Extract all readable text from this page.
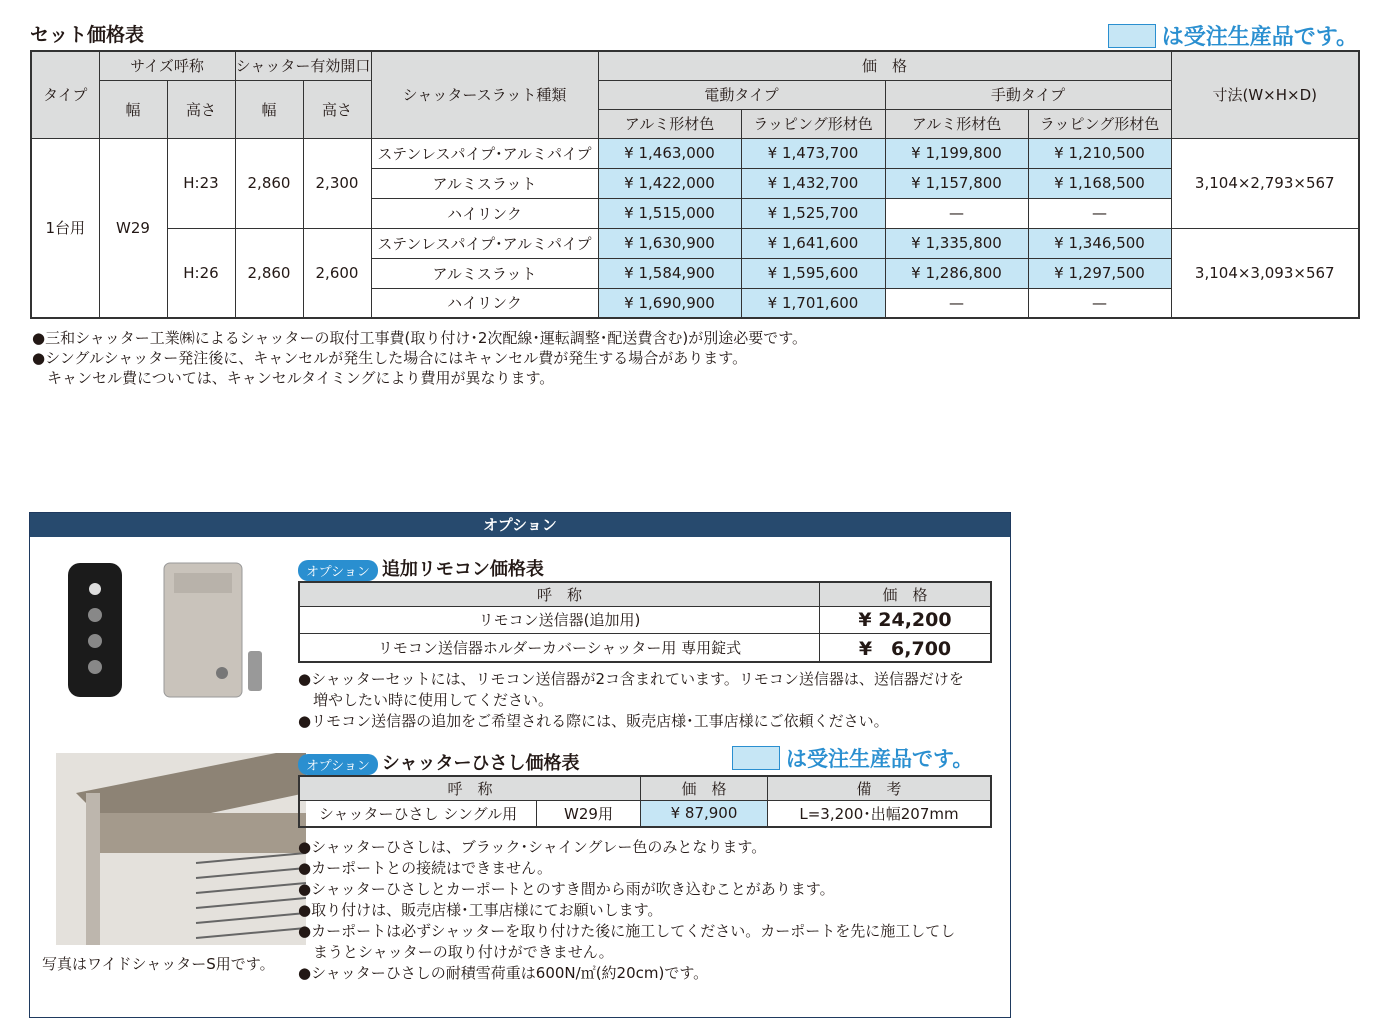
セット価格表	は受注生産品です。
タイプ	サイズ呼称		シャッター有効開口		シャッタースラット種類	価　格				寸法(W×H×D)
	幅	高さ	幅	高さ		電動タイプ		手動タイプ		
						アルミ形材色	ラッピング形材色	アルミ形材色	ラッピング形材色	
1台用	W29	H:23	2,860	2,300	ステンレスパイプ･アルミパイプ	¥ 1,463,000	¥ 1,473,700	¥ 1,199,800	¥ 1,210,500	3,104×2,793×567
					アルミスラット	¥ 1,422,000	¥ 1,432,700	¥ 1,157,800	¥ 1,168,500	
					ハイリンク	¥ 1,515,000	¥ 1,525,700	—	—	
		H:26	2,860	2,600	ステンレスパイプ･アルミパイプ	¥ 1,630,900	¥ 1,641,600	¥ 1,335,800	¥ 1,346,500	3,104×3,093×567
					アルミスラット	¥ 1,584,900	¥ 1,595,600	¥ 1,286,800	¥ 1,297,500	
					ハイリンク	¥ 1,690,900	¥ 1,701,600	—	—	
●三和シャッター工業㈱によるシャッターの取付工事費(取り付け･2次配線･運転調整･配送費含む)が別途必要です。
●シングルシャッター発注後に、キャンセルが発生した場合にはキャンセル費が発生する場合があります。
　キャンセル費については、キャンセルタイミングにより費用が異なります。
オプション
写真はワイドシャッターS用です。
オプション 追加リモコン価格表
呼　称	価　格
リモコン送信器(追加用)	¥ 24,200
リモコン送信器ホルダーカバーシャッター用 専用錠式	¥　6,700
●シャッターセットには、リモコン送信器が2コ含まれています。リモコン送信器は、送信器だけを
　増やしたい時に使用してください。
●リモコン送信器の追加をご希望される際には、販売店様･工事店様にご依頼ください。
オプション シャッターひさし価格表	は受注生産品です。
呼　称		価　格	備　考
シャッターひさし シングル用	W29用	¥ 87,900	L=3,200･出幅207mm
●シャッターひさしは、ブラック･シャイングレー色のみとなります。
●カーポートとの接続はできません。
●シャッターひさしとカーポートとのすき間から雨が吹き込むことがあります。
●取り付けは、販売店様･工事店様にてお願いします。
●カーポートは必ずシャッターを取り付けた後に施工してください。カーポートを先に施工してし
　まうとシャッターの取り付けができません。
●シャッターひさしの耐積雪荷重は600N/㎡(約20cm)です。
